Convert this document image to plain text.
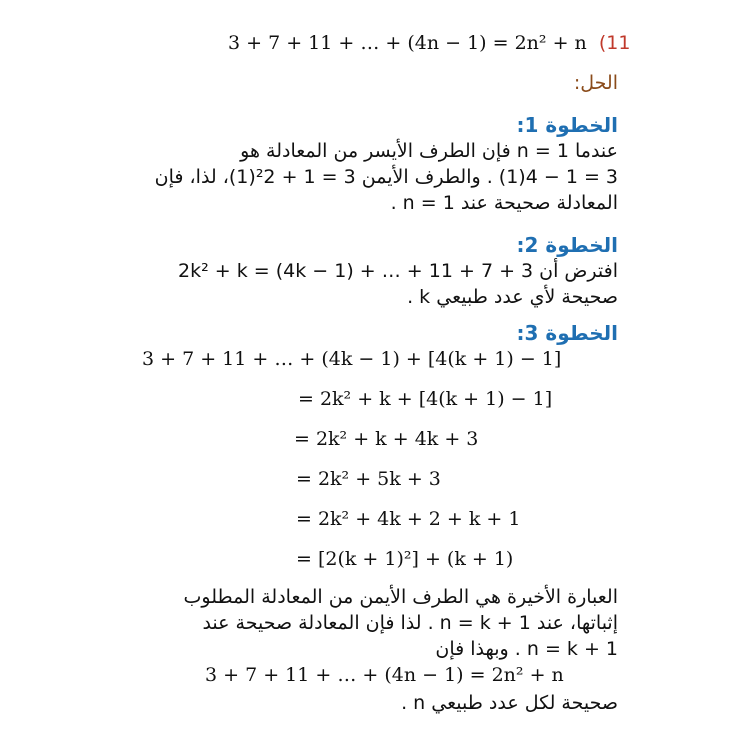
3 + 7 + 11 + … + (4n − 1) = 2n² + n (11
الحل:
الخطوة 1:
عندما n = 1 فإن الطرف الأيسر من المعادلة هو
3 = 1 − 4(1) . والطرف الأيمن 3 = 1 + ²2(1)، لذا، فإن
المعادلة صحيحة عند n = 1 .
الخطوة 2:
افترض أن 3 + 7 + 11 + … + (4k − 1) = 2k² + k
صحيحة لأي عدد طبيعي k .
الخطوة 3:
3 + 7 + 11 + … + (4k − 1) + [4(k + 1) − 1]
= 2k² + k + [4(k + 1) − 1]
= 2k² + k + 4k + 3
= 2k² + 5k + 3
= 2k² + 4k + 2 + k + 1
= [2(k + 1)²] + (k + 1)
العبارة الأخيرة هي الطرف الأيمن من المعادلة المطلوب
إثباتها، عند n = k + 1 . لذا فإن المعادلة صحيحة عند
n = k + 1 . وبهذا فإن
3 + 7 + 11 + … + (4n − 1) = 2n² + n
صحيحة لكل عدد طبيعي n .
